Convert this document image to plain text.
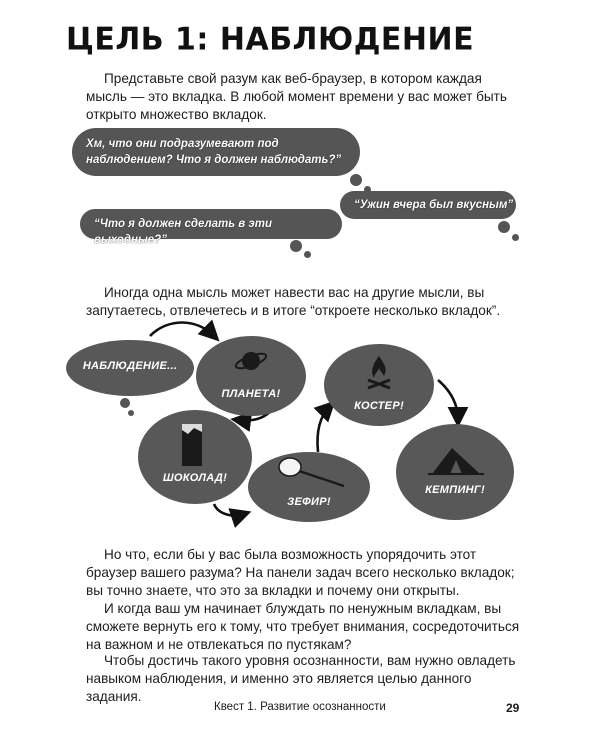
ЦЕЛЬ 1: НАБЛЮДЕНИЕ

Представьте свой разум как веб-браузер, в котором каждая мысль — это вкладка. В любой момент времени у вас может быть открыто множество вкладок.

Хм, что они подразумевают под наблюдением? Что я должен наблюдать?”
“Ужин вчера был вкусным”
“Что я должен сделать в эти выходные?”

Иногда одна мысль может навести вас на другие мысли, вы запутаетесь, отвлечетесь и в итоге “откроете несколько вкладок”.

НАБЛЮДЕНИЕ...
ПЛАНЕТА!
КОСТЕР!
ШОКОЛАД!
ЗЕФИР!
КЕМПИНГ!

Но что, если бы у вас была возможность упорядочить этот браузер вашего разума? На панели задач всего несколько вкладок; вы точно знаете, что это за вкладки и почему они открыты.

И когда ваш ум начинает блуждать по ненужным вкладкам, вы сможете вернуть его к тому, что требует внимания, сосредоточиться на важном и не отвлекаться по пустякам?

Чтобы достичь такого уровня осознанности, вам нужно овладеть навыком наблюдения, и именно это является целью данного задания.

Квест 1. Развитие осознанности	29
